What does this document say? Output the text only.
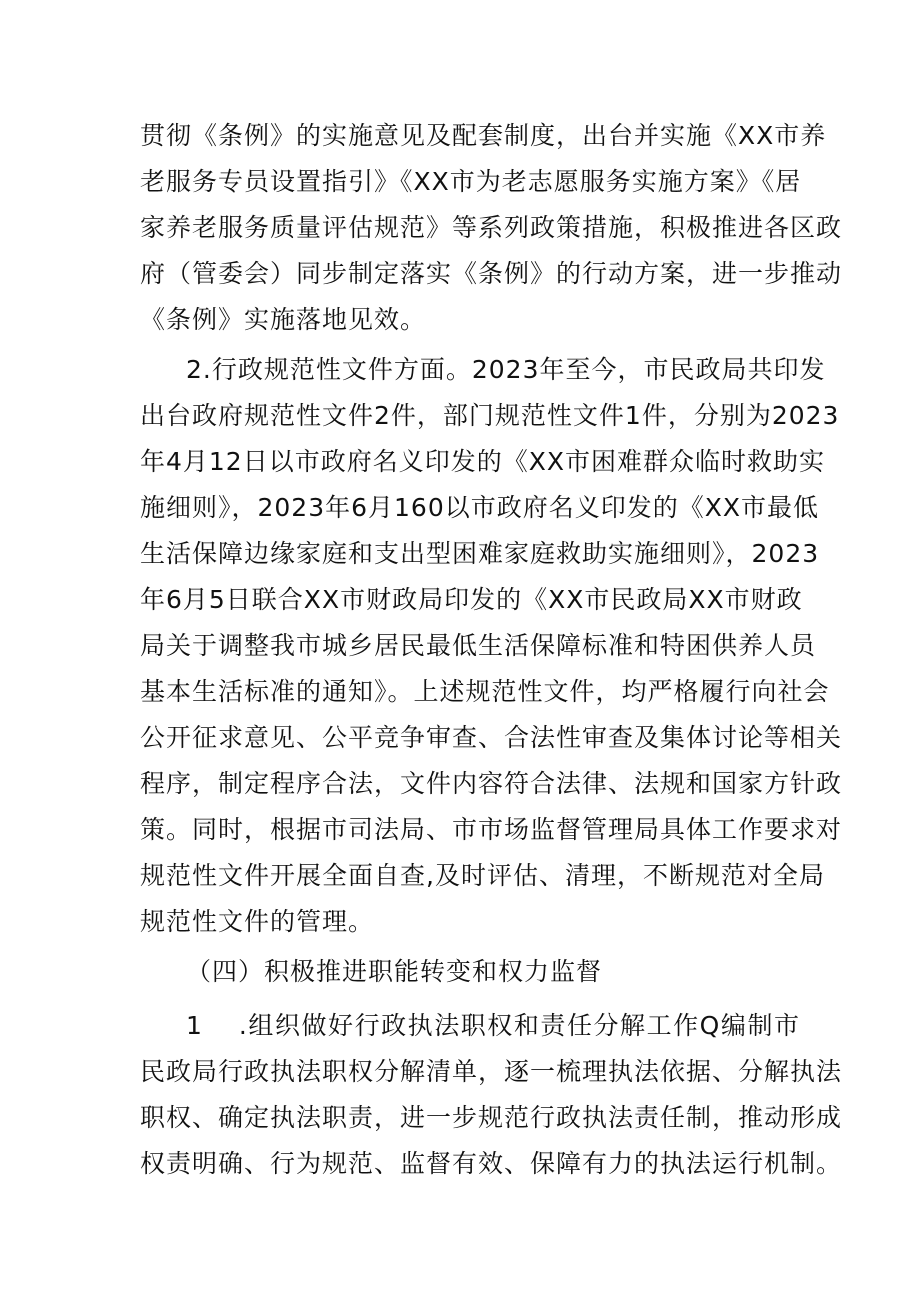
贯彻《条例》的实施意见及配套制度，出台并实施《XX市养
老服务专员设置指引》《XX市为老志愿服务实施方案》《居
家养老服务质量评估规范》等系列政策措施，积极推进各区政
府（管委会）同步制定落实《条例》的行动方案，进一步推动
《条例》实施落地见效。
2.行政规范性文件方面。2023年至今，市民政局共印发
出台政府规范性文件2件，部门规范性文件1件，分别为2023
年4月12日以市政府名义印发的《XX市困难群众临时救助实
施细则》，2023年6月160以市政府名义印发的《XX市最低
生活保障边缘家庭和支出型困难家庭救助实施细则》，2023
年6月5日联合XX市财政局印发的《XX市民政局XX市财政
局关于调整我市城乡居民最低生活保障标准和特困供养人员
基本生活标准的通知》。上述规范性文件，均严格履行向社会
公开征求意见、公平竞争审查、合法性审查及集体讨论等相关
程序，制定程序合法，文件内容符合法律、法规和国家方针政
策。同时，根据市司法局、市市场监督管理局具体工作要求对
规范性文件开展全面自查,及时评估、清理，不断规范对全局
规范性文件的管理。
（四）积极推进职能转变和权力监督
1 .组织做好行政执法职权和责任分解工作Q编制市
民政局行政执法职权分解清单，逐一梳理执法依据、分解执法
职权、确定执法职责，进一步规范行政执法责任制，推动形成
权责明确、行为规范、监督有效、保障有力的执法运行机制。
